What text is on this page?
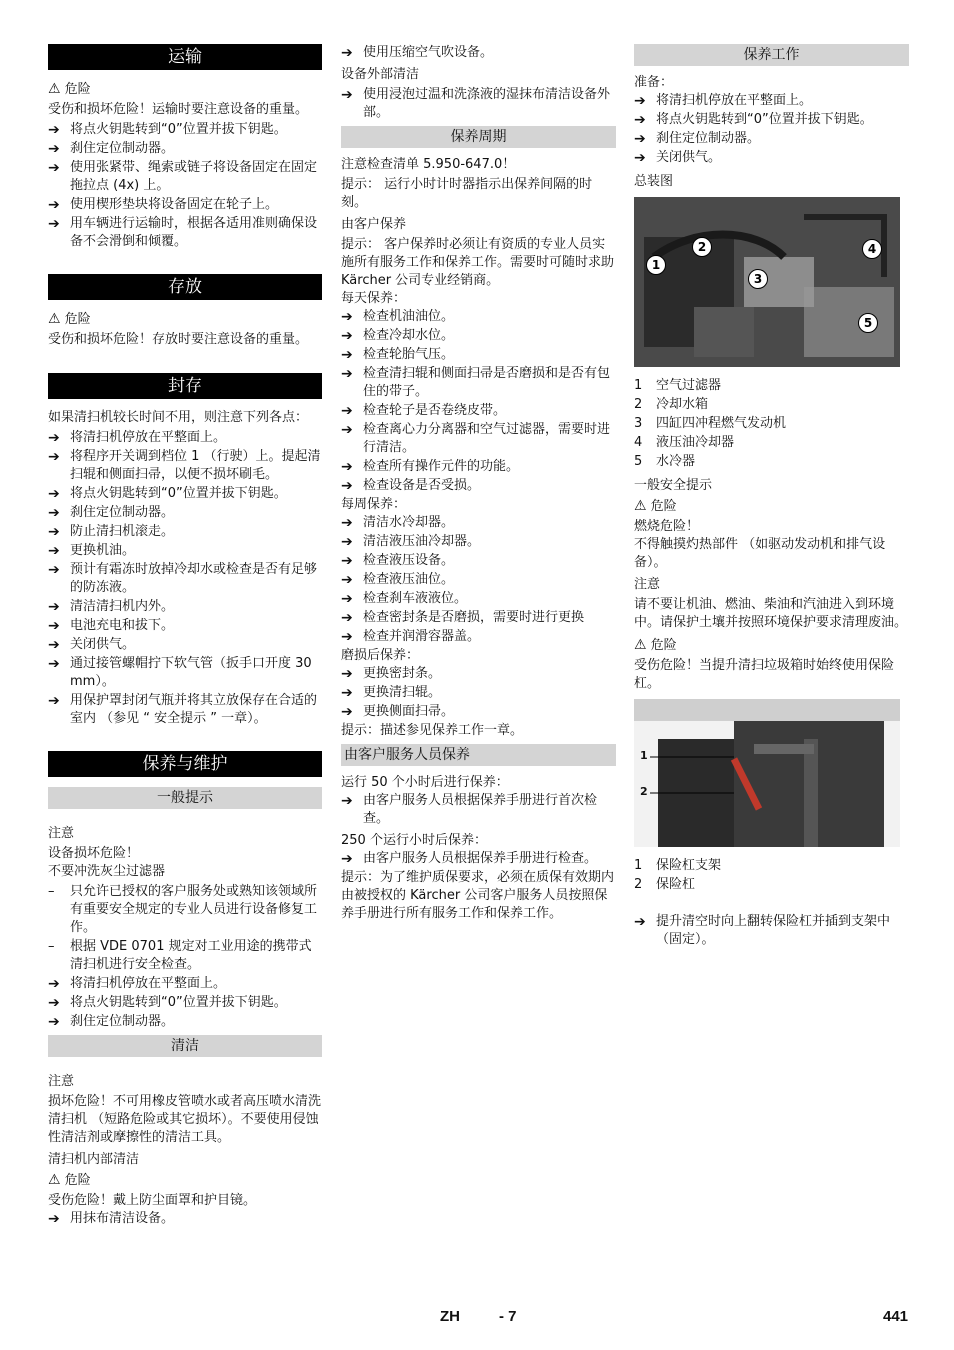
运输
⚠ 危险
受伤和损坏危险！运输时要注意设备的重量。
➔ 将点火钥匙转到“0”位置并拔下钥匙。
➔ 刹住定位制动器。
➔ 使用张紧带、绳索或链子将设备固定在固定拖拉点 (4x) 上。
➔ 使用楔形垫块将设备固定在轮子上。
➔ 用车辆进行运输时，根据各适用准则确保设备不会滑倒和倾覆。
存放
⚠ 危险
受伤和损坏危险！存放时要注意设备的重量。
封存
如果清扫机较长时间不用，则注意下列各点：
➔ 将清扫机停放在平整面上。
➔ 将程序开关调到档位 1 （行驶）上。提起清扫辊和侧面扫帚，以便不损坏刷毛。
➔ 将点火钥匙转到“0”位置并拔下钥匙。
➔ 刹住定位制动器。
➔ 防止清扫机滚走。
➔ 更换机油。
➔ 预计有霜冻时放掉冷却水或检查是否有足够的防冻液。
➔ 清洁清扫机内外。
➔ 电池充电和拔下。
➔ 关闭供气。
➔ 通过接管螺帽拧下软气管（扳手口开度 30 mm）。
➔ 用保护罩封闭气瓶并将其立放保存在合适的室内 （参见 “ 安全提示 ” 一章）。
保养与维护
一般提示
注意
设备损坏危险！
不要冲洗灰尘过滤器
– 只允许已授权的客户服务处或熟知该领域所有重要安全规定的专业人员进行设备修复工作。
– 根据 VDE 0701 规定对工业用途的携带式清扫机进行安全检查。
➔ 将清扫机停放在平整面上。
➔ 将点火钥匙转到“0”位置并拔下钥匙。
➔ 刹住定位制动器。
清洁
注意
损坏危险！不可用橡皮管喷水或者高压喷水清洗清扫机 （短路危险或其它损坏）。不要使用侵蚀性清洁剂或摩擦性的清洁工具。
清扫机内部清洁
⚠ 危险
受伤危险！戴上防尘面罩和护目镜。
➔ 用抹布清洁设备。
➔ 使用压缩空气吹设备。
设备外部清洁
➔ 使用浸泡过温和洗涤液的湿抹布清洁设备外部。
保养周期
注意检查清单 5.950-647.0！
提示： 运行小时计时器指示出保养间隔的时刻。
由客户保养
提示： 客户保养时必须让有资质的专业人员实施所有服务工作和保养工作。需要时可随时求助 Kärcher 公司专业经销商。
每天保养：
➔ 检查机油油位。
➔ 检查冷却水位。
➔ 检查轮胎气压。
➔ 检查清扫辊和侧面扫帚是否磨损和是否有包住的带子。
➔ 检查轮子是否卷绕皮带。
➔ 检查离心力分离器和空气过滤器，需要时进行清洁。
➔ 检查所有操作元件的功能。
➔ 检查设备是否受损。
每周保养：
➔ 清洁水冷却器。
➔ 清洁液压油冷却器。
➔ 检查液压设备。
➔ 检查液压油位。
➔ 检查刹车液液位。
➔ 检查密封条是否磨损，需要时进行更换
➔ 检查并润滑容器盖。
磨损后保养：
➔ 更换密封条。
➔ 更换清扫辊。
➔ 更换侧面扫帚。
提示：描述参见保养工作一章。
由客户服务人员保养
运行 50 个小时后进行保养：
➔ 由客户服务人员根据保养手册进行首次检查。
250 个运行小时后保养：
➔ 由客户服务人员根据保养手册进行检查。
提示：为了维护质保要求，必须在质保有效期内由被授权的 Kärcher 公司客户服务人员按照保养手册进行所有服务工作和保养工作。
保养工作
准备：
➔ 将清扫机停放在平整面上。
➔ 将点火钥匙转到“0”位置并拔下钥匙。
➔ 刹住定位制动器。
➔ 关闭供气。
总装图
1
2
3
4
5
1 空气过滤器
2 冷却水箱
3 四缸四冲程燃气发动机
4 液压油冷却器
5 水冷器
一般安全提示
⚠ 危险
燃烧危险！
不得触摸灼热部件 （如驱动发动机和排气设备）。
注意
请不要让机油、燃油、柴油和汽油进入到环境中。请保护土壤并按照环境保护要求清理废油。
⚠ 危险
受伤危险！当提升清扫垃圾箱时始终使用保险杠。
1
2
1 保险杠支架
2 保险杠
➔ 提升清空时向上翻转保险杠并插到支架中 （固定）。
ZH	- 7	441
